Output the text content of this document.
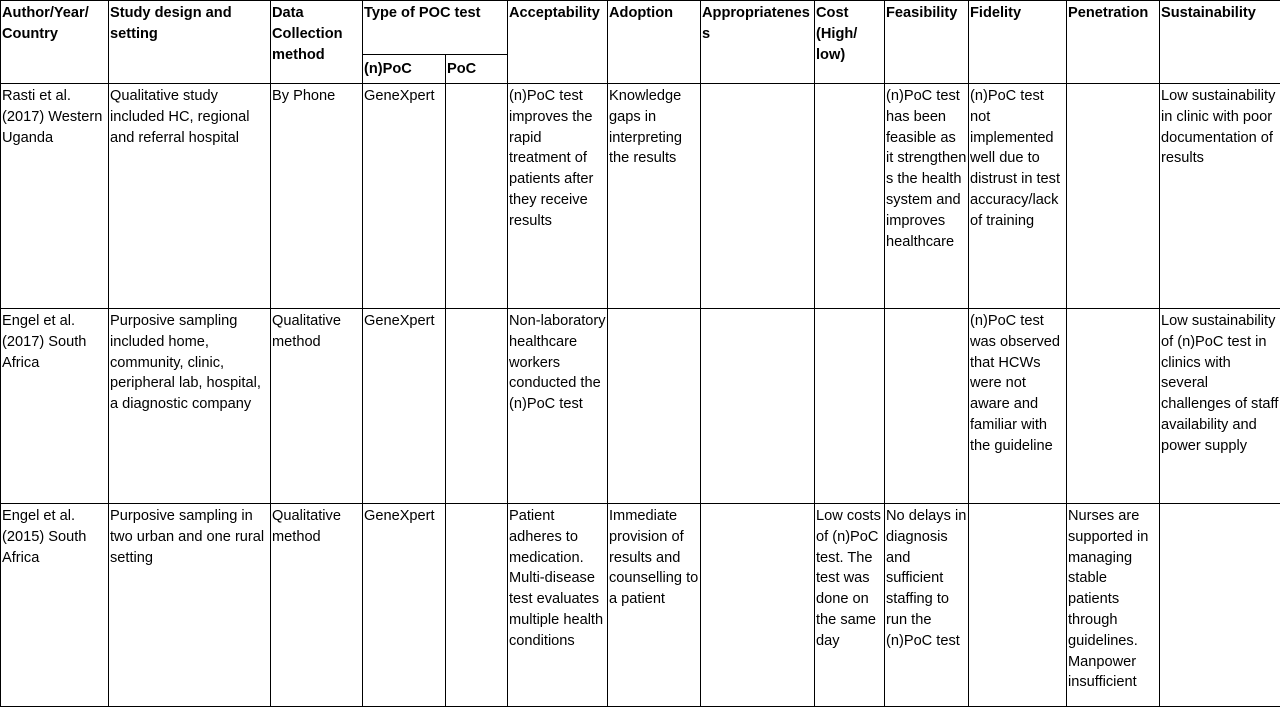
Author/Year/ Country	Study design and setting	Data Collection method	Type of POC test		Acceptability	Adoption	Appropriatenes s	Cost (High/ low)	Feasibility	Fidelity	Penetration	Sustainability
			(n)PoC	PoC								
Rasti et al. (2017) Western Uganda	Qualitative study included HC, regional and referral hospital	By Phone	GeneXpert		(n)PoC test improves the rapid treatment of patients after they receive results	Knowledge gaps in interpreting the results			(n)PoC test has been feasible as it strengthen s the health system and improves healthcare	(n)PoC test not implemented well due to distrust in test accuracy/lack of training		Low sustainability in clinic with poor documentation of results
Engel et al. (2017) South Africa	Purposive sampling included home, community, clinic, peripheral lab, hospital, a diagnostic company	Qualitative method	GeneXpert		Non-laboratory healthcare workers conducted the (n)PoC test					(n)PoC test was observed that HCWs were not aware and familiar with the guideline		Low sustainability of (n)PoC test in clinics with several challenges of staff availability and power supply
Engel et al. (2015) South Africa	Purposive sampling in two urban and one rural setting	Qualitative method	GeneXpert		Patient adheres to medication. Multi-disease test evaluates multiple health conditions	Immediate provision of results and counselling to a patient		Low costs of (n)PoC test. The test was done on the same day	No delays in diagnosis and sufficient staffing to run the (n)PoC test		Nurses are supported in managing stable patients through guidelines. Manpower insufficient	
